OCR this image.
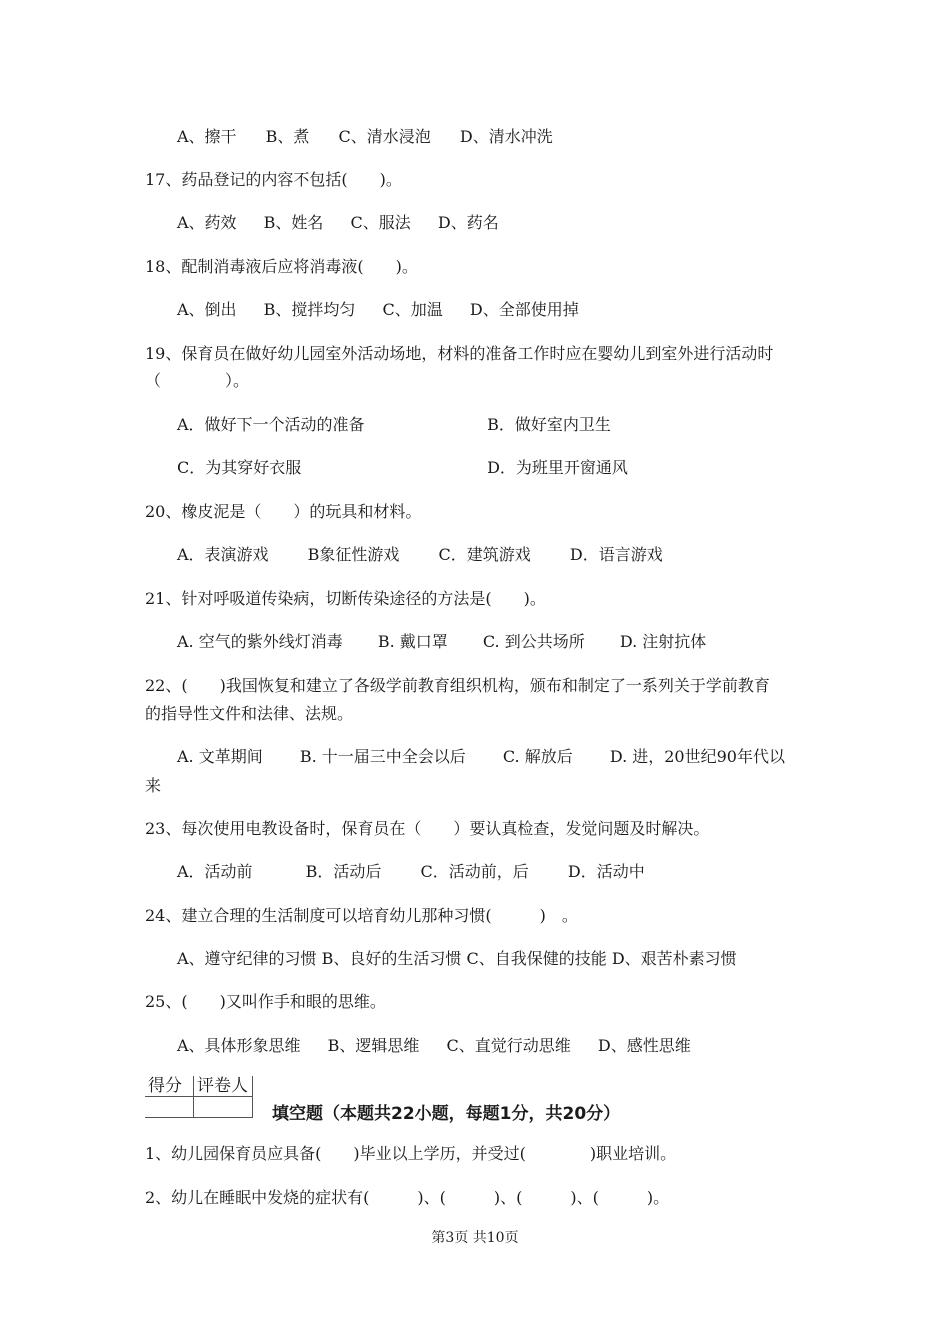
A、擦干 B、煮 C、清水浸泡 D、清水冲洗
17、药品登记的内容不包括(　　)。
A、药效 B、姓名 C、服法 D、药名
18、配制消毒液后应将消毒液(　　)。
A、倒出 B、搅拌均匀 C、加温 D、全部使用掉
19、保育员在做好幼儿园室外活动场地，材料的准备工作时应在婴幼儿到室外进行活动时
（　　　　）。
A．做好下一个活动的准备	B．做好室内卫生
C．为其穿好衣服	D．为班里开窗通风
20、橡皮泥是（　　）的玩具和材料。
A．表演游戏 B象征性游戏 C．建筑游戏 D．语言游戏
21、针对呼吸道传染病，切断传染途径的方法是(　　)。
A. 空气的紫外线灯消毒 B. 戴口罩 C. 到公共场所 D. 注射抗体
22、(　　)我国恢复和建立了各级学前教育组织机构，颁布和制定了一系列关于学前教育
的指导性文件和法律、法规。
A. 文革期间 B. 十一届三中全会以后 C. 解放后 D. 进，20世纪90年代以
来
23、每次使用电教设备时，保育员在（　　）要认真检查，发觉问题及时解决。
A．活动前	B．活动后 C．活动前，后 D．活动中
24、建立合理的生活制度可以培育幼儿那种习惯(　　　)　。
A、遵守纪律的习惯 B、良好的生活习惯 C、自我保健的技能 D、艰苦朴素习惯
25、(　　)又叫作手和眼的思维。
A、具体形象思维 B、逻辑思维 C、直觉行动思维 D、感性思维
得分	评卷人

填空题（本题共22小题，每题1分，共20分）
1、幼儿园保育员应具备(　　)毕业以上学历，并受过(　　　　)职业培训。
2、幼儿在睡眠中发烧的症状有(　　　)、(　　　)、(　　　)、(　　　)。
第3页 共10页
